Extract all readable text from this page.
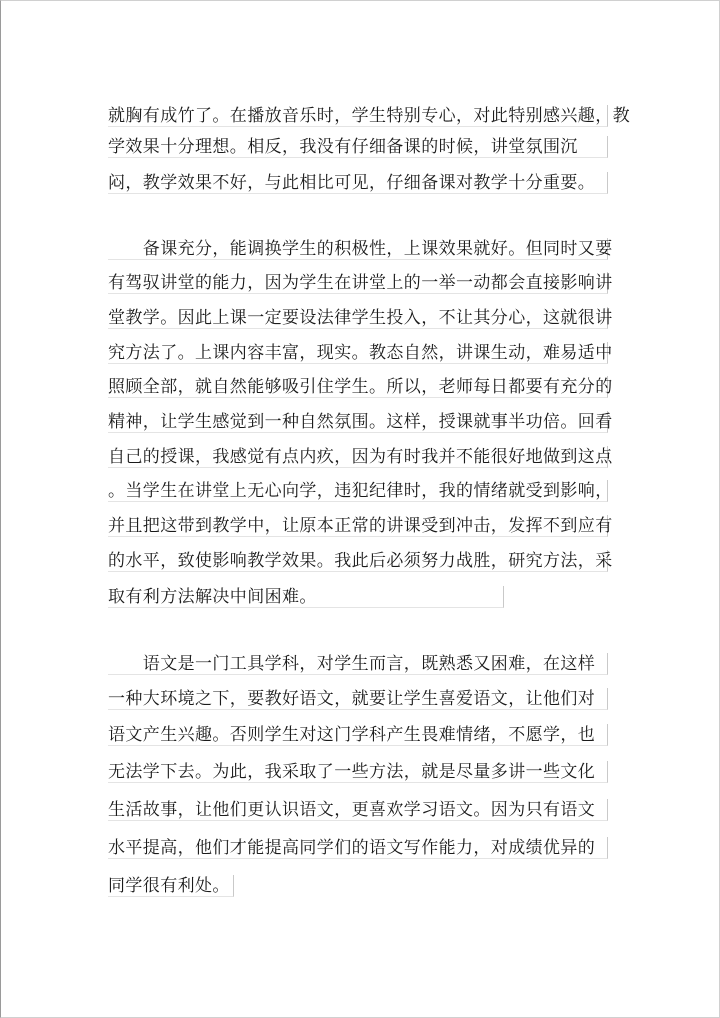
就胸有成竹了。在播放音乐时，学生特别专心，对此特别感兴趣，教
学效果十分理想。相反，我没有仔细备课的时候，讲堂氛围沉
闷，教学效果不好，与此相比可见，仔细备课对教学十分重要。
　　备课充分，能调换学生的积极性，上课效果就好。但同时又要
有驾驭讲堂的能力，因为学生在讲堂上的一举一动都会直接影响讲
堂教学。因此上课一定要设法律学生投入，不让其分心，这就很讲
究方法了。上课内容丰富，现实。教态自然，讲课生动，难易适中
照顾全部，就自然能够吸引住学生。所以，老师每日都要有充分的
精神，让学生感觉到一种自然氛围。这样，授课就事半功倍。回看
自己的授课，我感觉有点内疚，因为有时我并不能很好地做到这点
。当学生在讲堂上无心向学，违犯纪律时，我的情绪就受到影响，
并且把这带到教学中，让原本正常的讲课受到冲击，发挥不到应有
的水平，致使影响教学效果。我此后必须努力战胜，研究方法，采
取有利方法解决中间困难。
　　语文是一门工具学科，对学生而言，既熟悉又困难，在这样
一种大环境之下，要教好语文，就要让学生喜爱语文，让他们对
语文产生兴趣。否则学生对这门学科产生畏难情绪，不愿学，也
无法学下去。为此，我采取了一些方法，就是尽量多讲一些文化
生活故事，让他们更认识语文，更喜欢学习语文。因为只有语文
水平提高，他们才能提高同学们的语文写作能力，对成绩优异的
同学很有利处。
